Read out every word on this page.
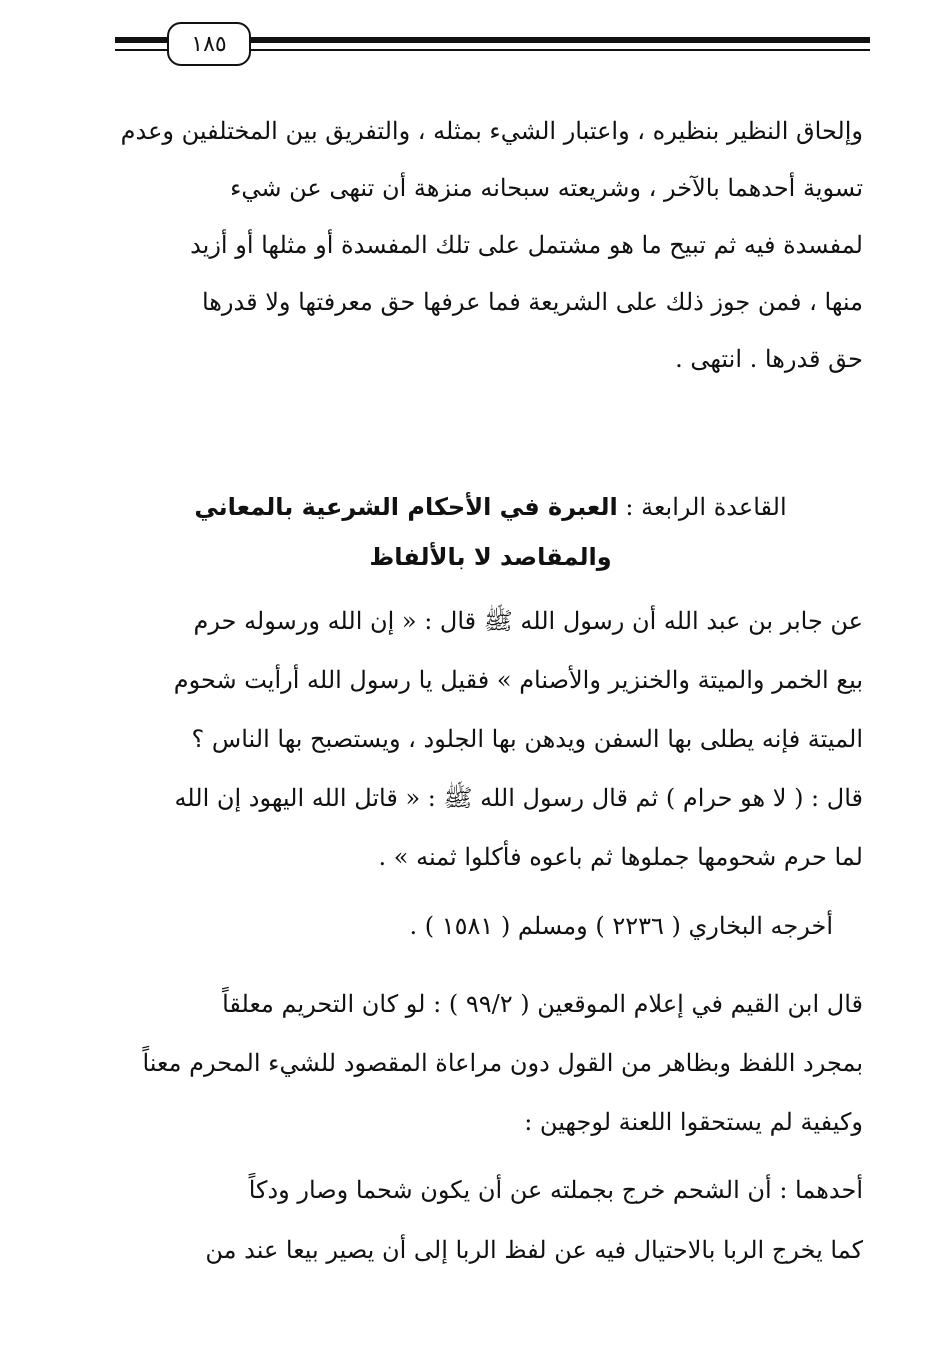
١٨٥
وإلحاق النظير بنظيره ، واعتبار الشيء بمثله ، والتفريق بين المختلفين وعدم
تسوية أحدهما بالآخر ، وشريعته سبحانه منزهة أن تنهى عن شيء
لمفسدة فيه ثم تبيح ما هو مشتمل على تلك المفسدة أو مثلها أو أزيد
منها ، فمن جوز ذلك على الشريعة فما عرفها حق معرفتها ولا قدرها
حق قدرها . انتهى .
القاعدة الرابعة : العبرة في الأحكام الشرعية بالمعاني
والمقاصد لا بالألفاظ
عن جابر بن عبد الله أن رسول الله ﷺ قال : « إن الله ورسوله حرم
بيع الخمر والميتة والخنزير والأصنام » فقيل يا رسول الله أرأيت شحوم
الميتة فإنه يطلى بها السفن ويدهن بها الجلود ، ويستصبح بها الناس ؟
قال : ( لا هو حرام ) ثم قال رسول الله ﷺ : « قاتل الله اليهود إن الله
لما حرم شحومها جملوها ثم باعوه فأكلوا ثمنه » .
أخرجه البخاري ( ٢٢٣٦ ) ومسلم ( ١٥٨١ ) .
قال ابن القيم في إعلام الموقعين ( ٩٩/٢ ) : لو كان التحريم معلقاً
بمجرد اللفظ وبظاهر من القول دون مراعاة المقصود للشيء المحرم معناً
وكيفية لم يستحقوا اللعنة لوجهين :
أحدهما : أن الشحم خرج بجملته عن أن يكون شحما وصار ودكاً
كما يخرج الربا بالاحتيال فيه عن لفظ الربا إلى أن يصير بيعا عند من
